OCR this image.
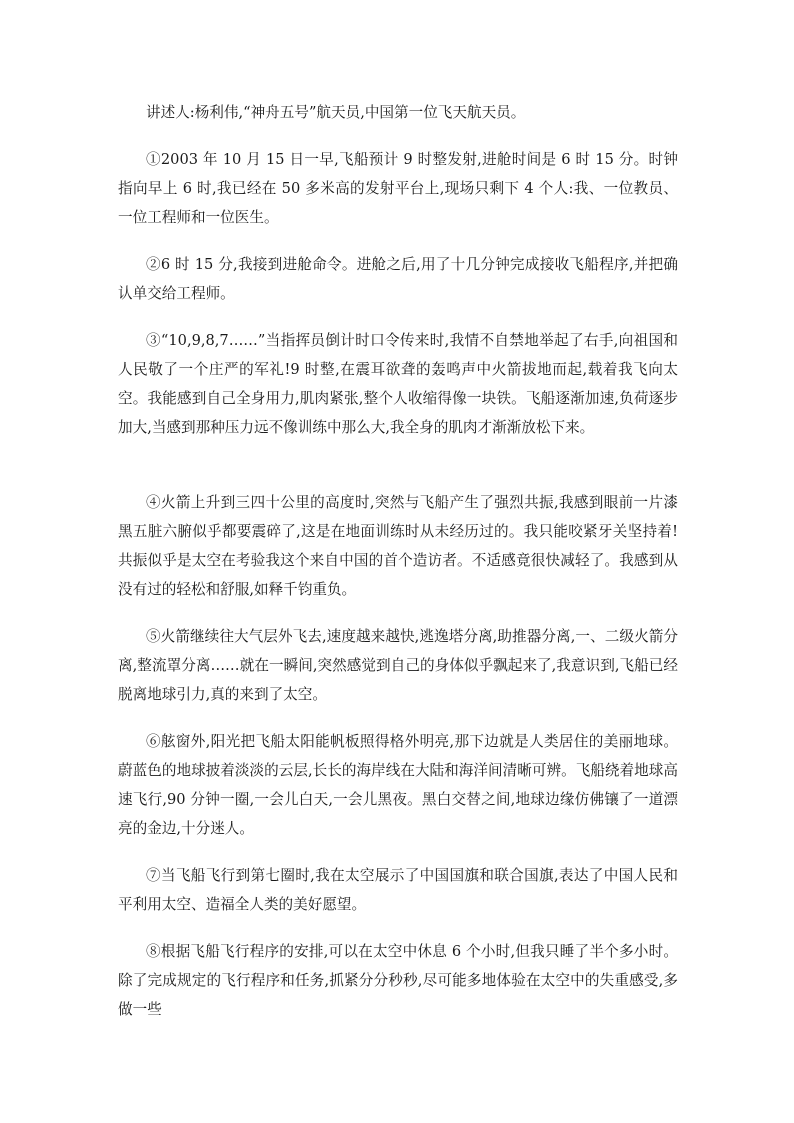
讲述人:杨利伟,“神舟五号”航天员,中国第一位飞天航天员。

①2003 年 10 月 15 日一早,飞船预计 9 时整发射,进舱时间是 6 时 15 分。时钟指向早上 6 时,我已经在 50 多米高的发射平台上,现场只剩下 4 个人:我、一位教员、一位工程师和一位医生。

②6 时 15 分,我接到进舱命令。进舱之后,用了十几分钟完成接收飞船程序,并把确认单交给工程师。

③“10,9,8,7……”当指挥员倒计时口令传来时,我情不自禁地举起了右手,向祖国和人民敬了一个庄严的军礼!9 时整,在震耳欲聋的轰鸣声中火箭拔地而起,载着我飞向太空。我能感到自己全身用力,肌肉紧张,整个人收缩得像一块铁。飞船逐渐加速,负荷逐步加大,当感到那种压力远不像训练中那么大,我全身的肌肉才渐渐放松下来。

④火箭上升到三四十公里的高度时,突然与飞船产生了强烈共振,我感到眼前一片漆黑五脏六腑似乎都要震碎了,这是在地面训练时从未经历过的。我只能咬紧牙关坚持着!共振似乎是太空在考验我这个来自中国的首个造访者。不适感竟很快减轻了。我感到从没有过的轻松和舒服,如释千钧重负。

⑤火箭继续往大气层外飞去,速度越来越快,逃逸塔分离,助推器分离,一、二级火箭分离,整流罩分离……就在一瞬间,突然感觉到自己的身体似乎飘起来了,我意识到,飞船已经脱离地球引力,真的来到了太空。

⑥舷窗外,阳光把飞船太阳能帆板照得格外明亮,那下边就是人类居住的美丽地球。蔚蓝色的地球披着淡淡的云层,长长的海岸线在大陆和海洋间清晰可辨。飞船绕着地球高速飞行,90 分钟一圈,一会儿白天,一会儿黑夜。黑白交替之间,地球边缘仿佛镶了一道漂亮的金边,十分迷人。

⑦当飞船飞行到第七圈时,我在太空展示了中国国旗和联合国旗,表达了中国人民和平利用太空、造福全人类的美好愿望。

⑧根据飞船飞行程序的安排,可以在太空中休息 6 个小时,但我只睡了半个多小时。除了完成规定的飞行程序和任务,抓紧分分秒秒,尽可能多地体验在太空中的失重感受,多做一些
